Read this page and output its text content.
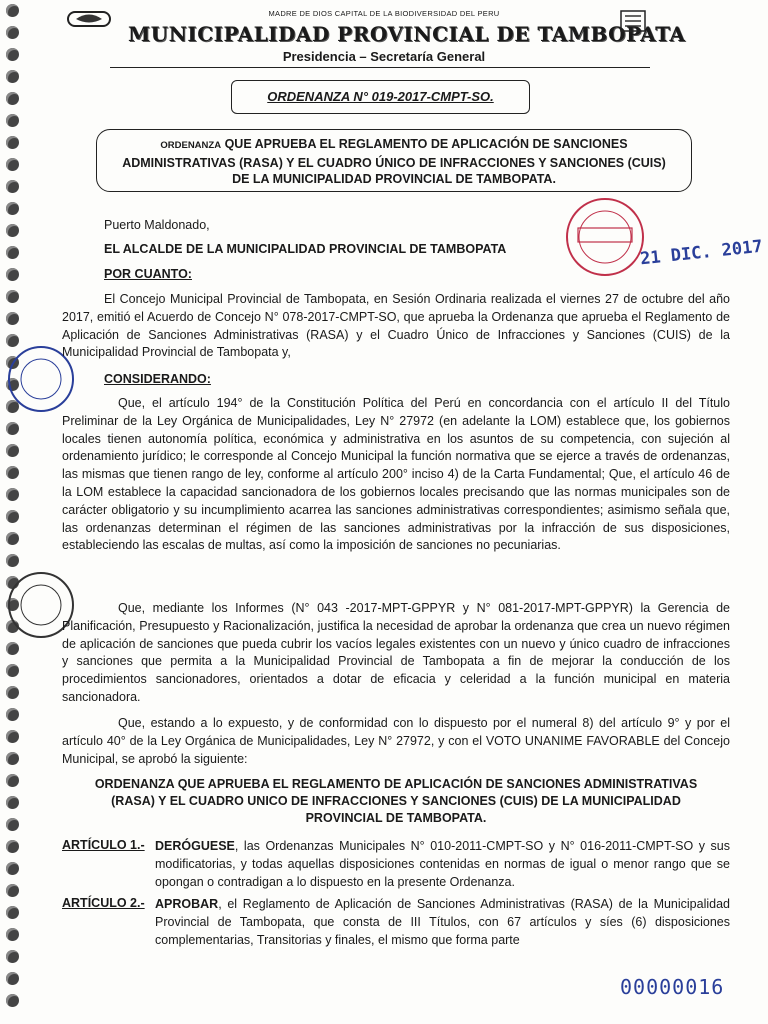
MADRE DE DIOS CAPITAL DE LA BIODIVERSIDAD DEL PERU
MUNICIPALIDAD PROVINCIAL DE TAMBOPATA
Presidencia – Secretaría General
ORDENANZA N° 019-2017-CMPT-SO.
ORDENANZA QUE APRUEBA EL REGLAMENTO DE APLICACIÓN DE SANCIONES
ADMINISTRATIVAS (RASA) Y EL CUADRO ÚNICO DE INFRACCIONES Y SANCIONES (CUIS)
DE LA MUNICIPALIDAD PROVINCIAL DE TAMBOPATA.
21 DIC. 2017
Puerto Maldonado,
EL ALCALDE DE LA MUNICIPALIDAD PROVINCIAL DE TAMBOPATA
POR CUANTO:
El Concejo Municipal Provincial de Tambopata, en Sesión Ordinaria realizada el viernes 27 de octubre del año 2017, emitió el Acuerdo de Concejo N° 078-2017-CMPT-SO, que aprueba la Ordenanza que aprueba el Reglamento de Aplicación de Sanciones Administrativas (RASA) y el Cuadro Único de Infracciones y Sanciones (CUIS) de la Municipalidad Provincial de Tambopata y,
CONSIDERANDO:
Que, el artículo 194° de la Constitución Política del Perú en concordancia con el artículo II del Título Preliminar de la Ley Orgánica de Municipalidades, Ley N° 27972 (en adelante la LOM) establece que, los gobiernos locales tienen autonomía política, económica y administrativa en los asuntos de su competencia, con sujeción al ordenamiento jurídico; le corresponde al Concejo Municipal la función normativa que se ejerce a través de ordenanzas, las mismas que tienen rango de ley, conforme al artículo 200° inciso 4) de la Carta Fundamental; Que, el artículo 46 de la LOM establece la capacidad sancionadora de los gobiernos locales precisando que las normas municipales son de carácter obligatorio y su incumplimiento acarrea las sanciones administrativas correspondientes; asimismo señala que, las ordenanzas determinan el régimen de las sanciones administrativas por la infracción de sus disposiciones, estableciendo las escalas de multas, así como la imposición de sanciones no pecuniarias.
Que, mediante los Informes (N° 043 -2017-MPT-GPPYR y N° 081-2017-MPT-GPPYR) la Gerencia de Planificación, Presupuesto y Racionalización, justifica la necesidad de aprobar la ordenanza que crea un nuevo régimen de aplicación de sanciones que pueda cubrir los vacíos legales existentes con un nuevo y único cuadro de infracciones y sanciones que permita a la Municipalidad Provincial de Tambopata a fin de mejorar la conducción de los procedimientos sancionadores, orientados a dotar de eficacia y celeridad a la función municipal en materia sancionadora.
Que, estando a lo expuesto, y de conformidad con lo dispuesto por el numeral 8) del artículo 9° y por el artículo 40° de la Ley Orgánica de Municipalidades, Ley N° 27972, y con el VOTO UNANIME FAVORABLE del Concejo Municipal, se aprobó la siguiente:
ORDENANZA QUE APRUEBA EL REGLAMENTO DE APLICACIÓN DE SANCIONES ADMINISTRATIVAS
(RASA) Y EL CUADRO UNICO DE INFRACCIONES Y SANCIONES (CUIS) DE LA MUNICIPALIDAD
PROVINCIAL DE TAMBOPATA.
ARTÍCULO 1.- DERÓGUESE, las Ordenanzas Municipales N° 010-2011-CMPT-SO y N° 016-2011-CMPT-SO y sus modificatorias, y todas aquellas disposiciones contenidas en normas de igual o menor rango que se opongan o contradigan a lo dispuesto en la presente Ordenanza.
ARTÍCULO 2.- APROBAR, el Reglamento de Aplicación de Sanciones Administrativas (RASA) de la Municipalidad Provincial de Tambopata, que consta de III Títulos, con 67 artículos y síes (6) disposiciones complementarias, Transitorias y finales, el mismo que forma parte
00000016
